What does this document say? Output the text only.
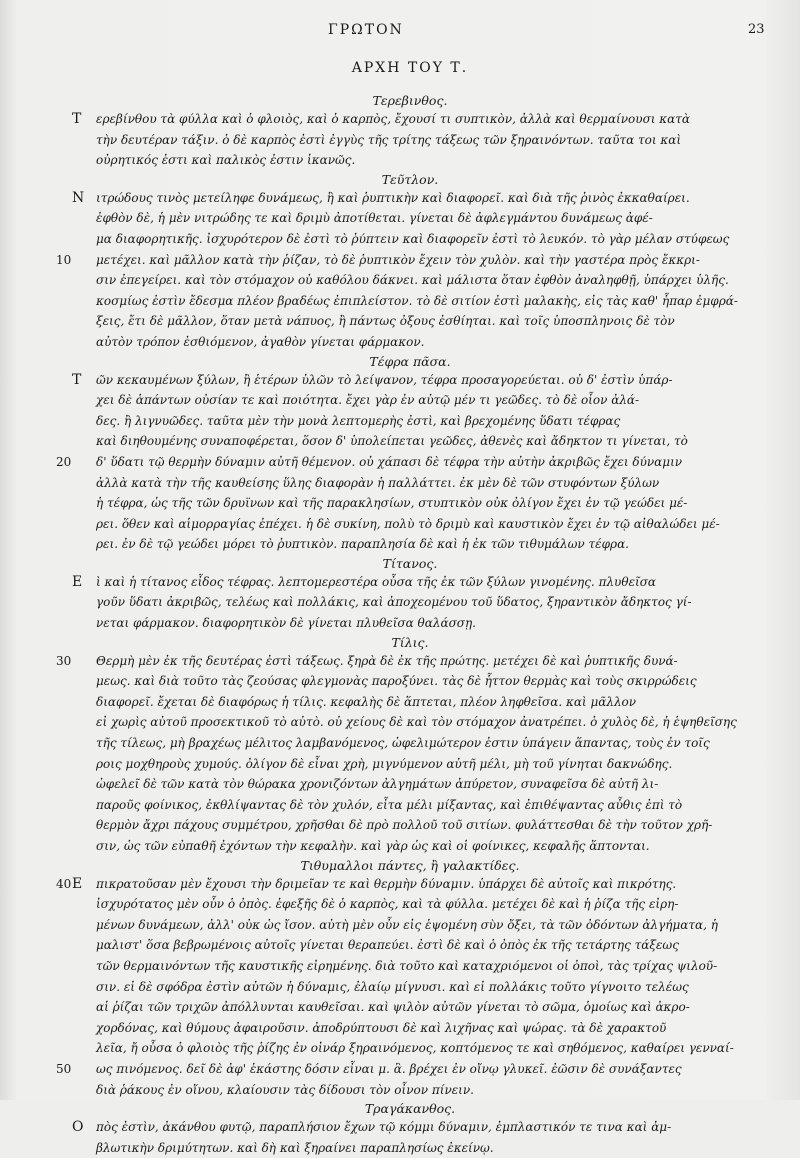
ΓΡΩΤΟΝ	23
ΑΡΧΗ ΤΟΥ Τ.
Τερεβινθος.
T ερεβίνθου τὰ φύλλα καὶ ὁ φλοιὸς, καὶ ὁ καρπὸς, ἔχουσί τι συπτικὸν, ἀλλὰ καὶ θερμαίνουσι κατὰ
τὴν δευτέραν τάξιν. ὁ δὲ καρπὸς ἐστὶ ἐγγὺς τῆς τρίτης τάξεως τῶν ξηραινόντων. ταῦτα τοι καὶ
οὐρητικός ἐστι καὶ παλικὸς ἐστιν ἱκανῶς.
Τεῦτλον.
N ιτρώδους τινὸς μετείληφε δυνάμεως, ἣ καὶ ῥυπτικὴν καὶ διαφορεῖ. καὶ διὰ τῆς ῥινὸς ἐκκαθαίρει.
ἐφθὸν δὲ, ἡ μὲν νιτρώδης τε καὶ δριμὺ ἀποτίθεται. γίνεται δὲ ἀφλεγμάντου δυνάμεως ἀφέ-
μα διαφορητικῆς. ἰσχυρότερον δὲ ἐστὶ τὸ ῥύπτειν καὶ διαφορεῖν ἐστὶ τὸ λευκόν. τὸ γὰρ μέλαν στύφεως
10 μετέχει. καὶ μᾶλλον κατὰ τὴν ῥίζαν, τὸ δὲ ῥυπτικὸν ἔχειν τὸν χυλὸν. καὶ τὴν γαστέρα πρὸς ἔκκρι-
σιν ἐπεγείρει. καὶ τὸν στόμαχον οὐ καθόλου δάκνει. καὶ μάλιστα ὅταν ἐφθὸν ἀναληφθῇ, ὑπάρχει ὑλῆς.
κοσμίως ἐστὶν ἔδεσμα πλέον βραδέως ἐπιπλείστον. τὸ δὲ σιτίον ἐστὶ μαλακὴς, εἰς τὰς καθ' ἧπαρ ἐμφρά-
ξεις, ἔτι δὲ μᾶλλον, ὅταν μετὰ νάπυος, ἢ πάντως ὀξους ἐσθίηται. καὶ τοῖς ὑποσπληνοις δὲ τὸν
αὐτὸν τρόπον ἐσθιόμενον, ἀγαθὸν γίνεται φάρμακον.
Τέφρα πᾶσα.
T ῶν κεκαυμένων ξύλων, ἢ ἑτέρων ὑλῶν τὸ λείψανον, τέφρα προσαγορεύεται. οὐ δ' ἐστὶν ὑπάρ-
χει δὲ ἁπάντων οὐσίαν τε καὶ ποιότητα. ἔχει γὰρ ἐν αὐτῷ μέν τι γεῶδες. τὸ δὲ οἷον ἀλά-
δες. ἢ λιγνυῶδες. ταῦτα μὲν τὴν μονὰ λεπτομερὴς ἐστὶ, καὶ βρεχομένης ὕδατι τέφρας
καὶ διηθουμένης συναποφέρεται, ὅσον δ' ὑπολείπεται γεῶδες, ἀθενὲς καὶ ἄδηκτον τι γίνεται, τὸ
20 δ' ὕδατι τῷ θερμὴν δύναμιν αὐτῆ θέμενον. οὐ χάπασι δὲ τέφρα τὴν αὐτὴν ἀκριβῶς ἔχει δύναμιν
ἀλλὰ κατὰ τὴν τῆς καυθείσης ὕλης διαφορὰν ἡ παλλάττει. ἐκ μὲν δὲ τῶν στυφόντων ξύλων
ἡ τέφρα, ὡς τῆς τῶν δρυϊνων καὶ τῆς παρακλησίων, στυπτικὸν οὐκ ὀλίγον ἔχει ἐν τῷ γεώδει μέ-
ρει. ὅθεν καὶ αἱμορραγίας ἐπέχει. ἡ δὲ συκίνη, πολὺ τὸ δριμὺ καὶ καυστικὸν ἔχει ἐν τῷ αἰθαλώδει μέ-
ρει. ἐν δὲ τῷ γεώδει μόρει τὸ ῥυπτικὸν. παραπλησία δὲ καὶ ἡ ἐκ τῶν τιθυμάλων τέφρα.
Τίτανος.
E ὶ καὶ ἡ τίτανος εἶδος τέφρας. λεπτομερεστέρα οὖσα τῆς ἐκ τῶν ξύλων γινομένης. πλυθεῖσα
γοῦν ὕδατι ἀκριβῶς, τελέως καὶ πολλάκις, καὶ ἀποχεομένου τοῦ ὕδατος, ξηραντικὸν ἄδηκτος γί-
νεται φάρμακον. διαφορητικὸν δὲ γίνεται πλυθεῖσα θαλάσσῃ.
Τίλις.
30 Θερμὴ μὲν ἐκ τῆς δευτέρας ἐστὶ τάξεως. ξηρὰ δὲ ἐκ τῆς πρώτης. μετέχει δὲ καὶ ῥυπτικῆς δυνά-
μεως. καὶ διὰ τοῦτο τὰς ζεούσας φλεγμονὰς παροξύνει. τὰς δὲ ἧττον θερμὰς καὶ τοὺς σκιρρώδεις
διαφορεῖ. ἔχεται δὲ διαφόρως ἡ τίλις. κεφαλὴς δὲ ἅπτεται, πλέον ληφθεῖσα. καὶ μᾶλλον
εἰ χωρὶς αὐτοῦ προσεκτικοῦ τὸ αὐτὸ. οὐ χείους δὲ καὶ τὸν στόμαχον ἀνατρέπει. ὁ χυλὸς δὲ, ἡ ἑψηθεῖσης
τῆς τίλεως, μὴ βραχέως μέλιτος λαμβανόμενος, ὠφελιμώτερον ἐστιν ὑπάγειν ἅπαντας, τοὺς ἐν τοῖς
ροις μοχθηροὺς χυμούς. ὀλίγον δὲ εἶναι χρὴ, μιγνύμενον αὐτῆ μέλι, μὴ τοῦ γίνηται δακνώδης.
ὠφελεῖ δὲ τῶν κατὰ τὸν θώρακα χρονιζόντων ἀλγημάτων ἀπύρετον, συναφεῖσα δὲ αὐτῆ λι-
παροῦς φοίνικος, ἐκθλίψαντας δὲ τὸν χυλόν, εἶτα μέλι μίξαντας, καὶ ἐπιθέψαντας αὖθις ἐπὶ τὸ
θερμὸν ἄχρι πάχους συμμέτρου, χρῆσθαι δὲ πρὸ πολλοῦ τοῦ σιτίων. φυλάττεσθαι δὲ τὴν τοῦτον χρῆ-
σιν, ὡς τῶν εὐπαθῆ ἐχόντων τὴν κεφαλὴν. καὶ γὰρ ὡς καὶ οἱ φοίνικες, κεφαλῆς ἅπτονται.
Τιθυμαλλοι πάντες, ἢ γαλακτίδες.
40 E πικρατοῦσαν μὲν ἔχουσι τὴν δριμεῖαν τε καὶ θερμὴν δύναμιν. ὑπάρχει δὲ αὐτοῖς καὶ πικρότης.
ἰσχυρότατος μὲν οὖν ὁ ὀπὸς. ἐφεξῆς δὲ ὁ καρπὸς, καὶ τὰ φύλλα. μετέχει δὲ καὶ ἡ ῥίζα τῆς εἰρη-
μένων δυνάμεων, ἀλλ' οὐκ ὡς ἴσον. αὐτὴ μὲν οὖν εἰς ἑψομένη σὺν ὄξει, τὰ τῶν ὀδόντων ἀλγήματα, ἡ
μαλιστ' ὅσα βεβρωμένοις αὐτοῖς γίνεται θεραπεύει. ἐστὶ δὲ καὶ ὁ ὀπὸς ἐκ τῆς τετάρτης τάξεως
τῶν θερμαινόντων τῆς καυστικῆς εἰρημένης. διὰ τοῦτο καὶ καταχριόμενοι οἱ ὀποὶ, τὰς τρίχας ψιλοῦ-
σιν. εἰ δὲ σφόδρα ἐστὶν αὐτῶν ἡ δύναμις, ἐλαίῳ μίγνυσι. καὶ εἰ πολλάκις τοῦτο γίγνοιτο τελέως
αἱ ῥίζαι τῶν τριχῶν ἀπόλλυνται καυθεῖσαι. καὶ ψιλὸν αὐτῶν γίνεται τὸ σῶμα, ὁμοίως καὶ ἀκρο-
χορδόνας, καὶ θύμους ἀφαιροῦσιν. ἀποδρύπτουσι δὲ καὶ λιχῆνας καὶ ψώρας. τὰ δὲ χαρακτοῦ
λεῖα, ἤ οὖσα ὁ φλοιὸς τῆς ῥίζης ἐν οἰνάρ ξηραινόμενος, κοπτόμενος τε καὶ σηθόμενος, καθαίρει γενναί-
50 ως πινόμενος. δεῖ δὲ ἀφ' ἑκάστης δόσιν εἶναι μ. ἃ. βρέχει ἐν οἴνῳ γλυκεῖ. ἐῶσιν δὲ συνάξαντες
διὰ ῥάκους ἐν οἴνου, κλαίουσιν τὰς δίδουσι τὸν οἶνον πίνειν.
Τραγάκανθος.
O πὸς ἐστὶν, ἀκάνθου φυτῷ, παραπλήσιον ἔχων τῷ κόμμι δύναμιν, ἐμπλαστικόν τε τινα καὶ ἀμ-
βλωτικὴν δριμύτητων. καὶ δὴ καὶ ξηραίνει παραπλησίως ἐκείνῳ.
